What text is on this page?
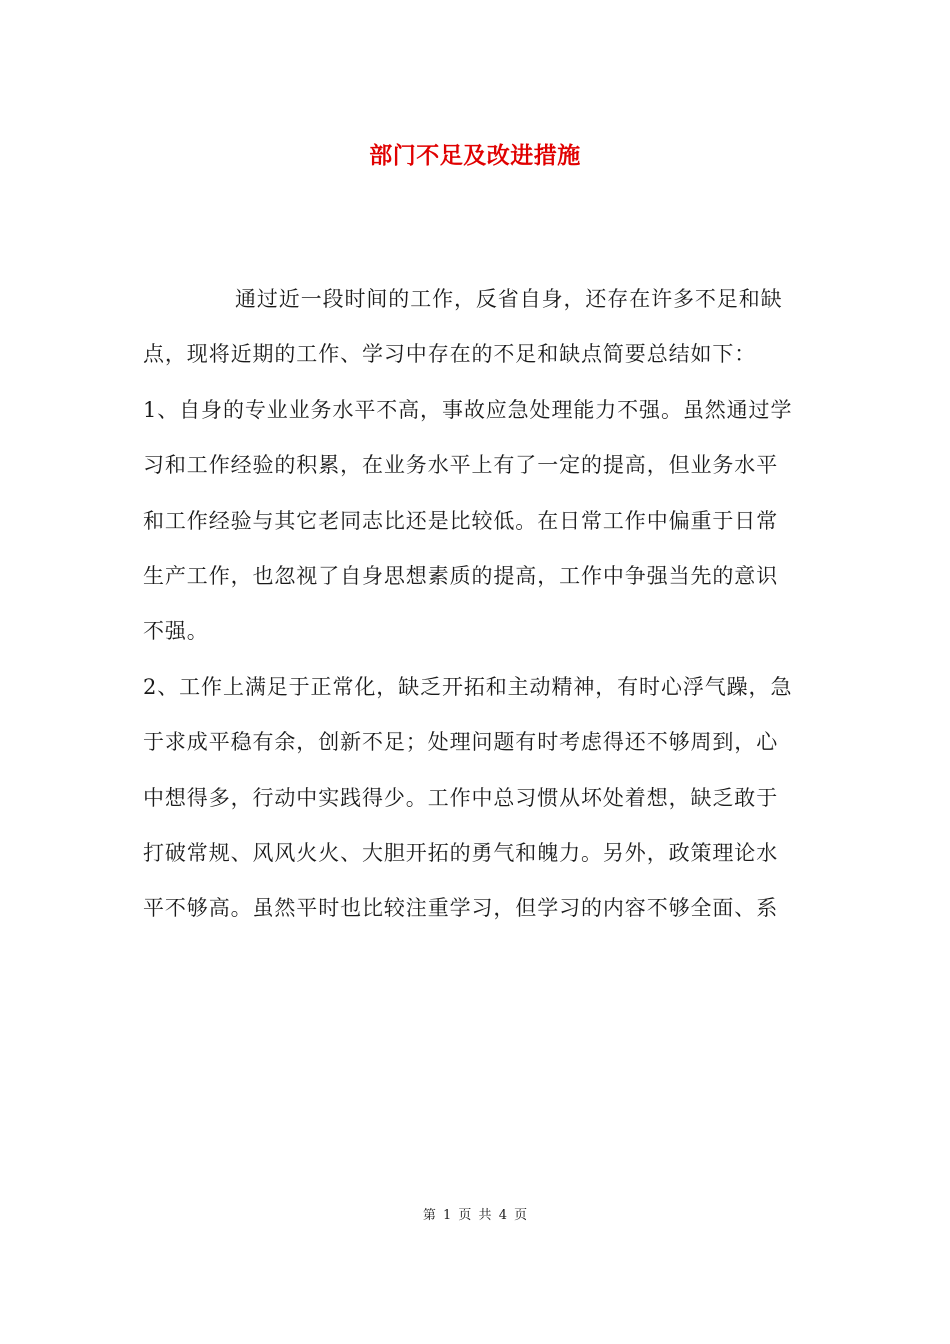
部门不足及改进措施
通过近一段时间的工作，反省自身，还存在许多不足和缺
点，现将近期的工作、学习中存在的不足和缺点简要总结如下：
1、自身的专业业务水平不高，事故应急处理能力不强。虽然通过学
习和工作经验的积累，在业务水平上有了一定的提高，但业务水平
和工作经验与其它老同志比还是比较低。在日常工作中偏重于日常
生产工作，也忽视了自身思想素质的提高，工作中争强当先的意识
不强。
2、工作上满足于正常化，缺乏开拓和主动精神，有时心浮气躁，急
于求成平稳有余，创新不足；处理问题有时考虑得还不够周到，心
中想得多，行动中实践得少。工作中总习惯从坏处着想，缺乏敢于
打破常规、风风火火、大胆开拓的勇气和魄力。另外，政策理论水
平不够高。虽然平时也比较注重学习，但学习的内容不够全面、系
第 1 页 共 4 页
